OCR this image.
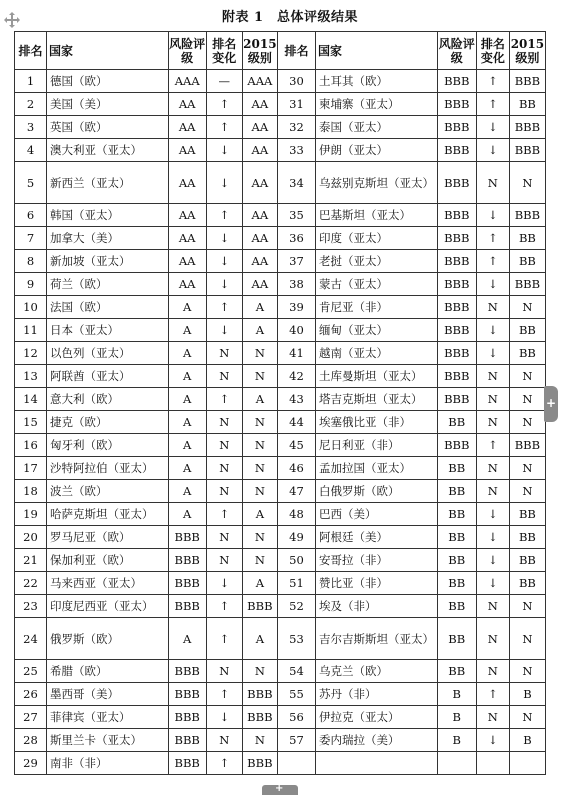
附表 1　总体评级结果
排名	国家	风险评级	排名变化	2015级别	排名	国家	风险评级	排名变化	2015级别
1	德国（欧）	AAA	—	AAA	30	土耳其（欧）	BBB	↑	BBB
2	美国（美）	AA	↑	AA	31	柬埔寨（亚太）	BBB	↑	BB
3	英国（欧）	AA	↑	AA	32	泰国（亚太）	BBB	↓	BBB
4	澳大利亚（亚太）	AA	↓	AA	33	伊朗（亚太）	BBB	↓	BBB
5	新西兰（亚太）	AA	↓	AA	34	乌兹别克斯坦（亚太）	BBB	N	N
6	韩国（亚太）	AA	↑	AA	35	巴基斯坦（亚太）	BBB	↓	BBB
7	加拿大（美）	AA	↓	AA	36	印度（亚太）	BBB	↑	BB
8	新加坡（亚太）	AA	↓	AA	37	老挝（亚太）	BBB	↑	BB
9	荷兰（欧）	AA	↓	AA	38	蒙古（亚太）	BBB	↓	BBB
10	法国（欧）	A	↑	A	39	肯尼亚（非）	BBB	N	N
11	日本（亚太）	A	↓	A	40	缅甸（亚太）	BBB	↓	BB
12	以色列（亚太）	A	N	N	41	越南（亚太）	BBB	↓	BB
13	阿联酋（亚太）	A	N	N	42	土库曼斯坦（亚太）	BBB	N	N
14	意大利（欧）	A	↑	A	43	塔吉克斯坦（亚太）	BBB	N	N
15	捷克（欧）	A	N	N	44	埃塞俄比亚（非）	BB	N	N
16	匈牙利（欧）	A	N	N	45	尼日利亚（非）	BBB	↑	BBB
17	沙特阿拉伯（亚太）	A	N	N	46	孟加拉国（亚太）	BB	N	N
18	波兰（欧）	A	N	N	47	白俄罗斯（欧）	BB	N	N
19	哈萨克斯坦（亚太）	A	↑	A	48	巴西（美）	BB	↓	BB
20	罗马尼亚（欧）	BBB	N	N	49	阿根廷（美）	BB	↓	BB
21	保加利亚（欧）	BBB	N	N	50	安哥拉（非）	BB	↓	BB
22	马来西亚（亚太）	BBB	↓	A	51	赞比亚（非）	BB	↓	BB
23	印度尼西亚（亚太）	BBB	↑	BBB	52	埃及（非）	BB	N	N
24	俄罗斯（欧）	A	↑	A	53	吉尔吉斯斯坦（亚太）	BB	N	N
25	希腊（欧）	BBB	N	N	54	乌克兰（欧）	BB	N	N
26	墨西哥（美）	BBB	↑	BBB	55	苏丹（非）	B	↑	B
27	菲律宾（亚太）	BBB	↓	BBB	56	伊拉克（亚太）	B	N	N
28	斯里兰卡（亚太）	BBB	N	N	57	委内瑞拉（美）	B	↓	B
29	南非（非）	BBB	↑	BBB					
+
+
